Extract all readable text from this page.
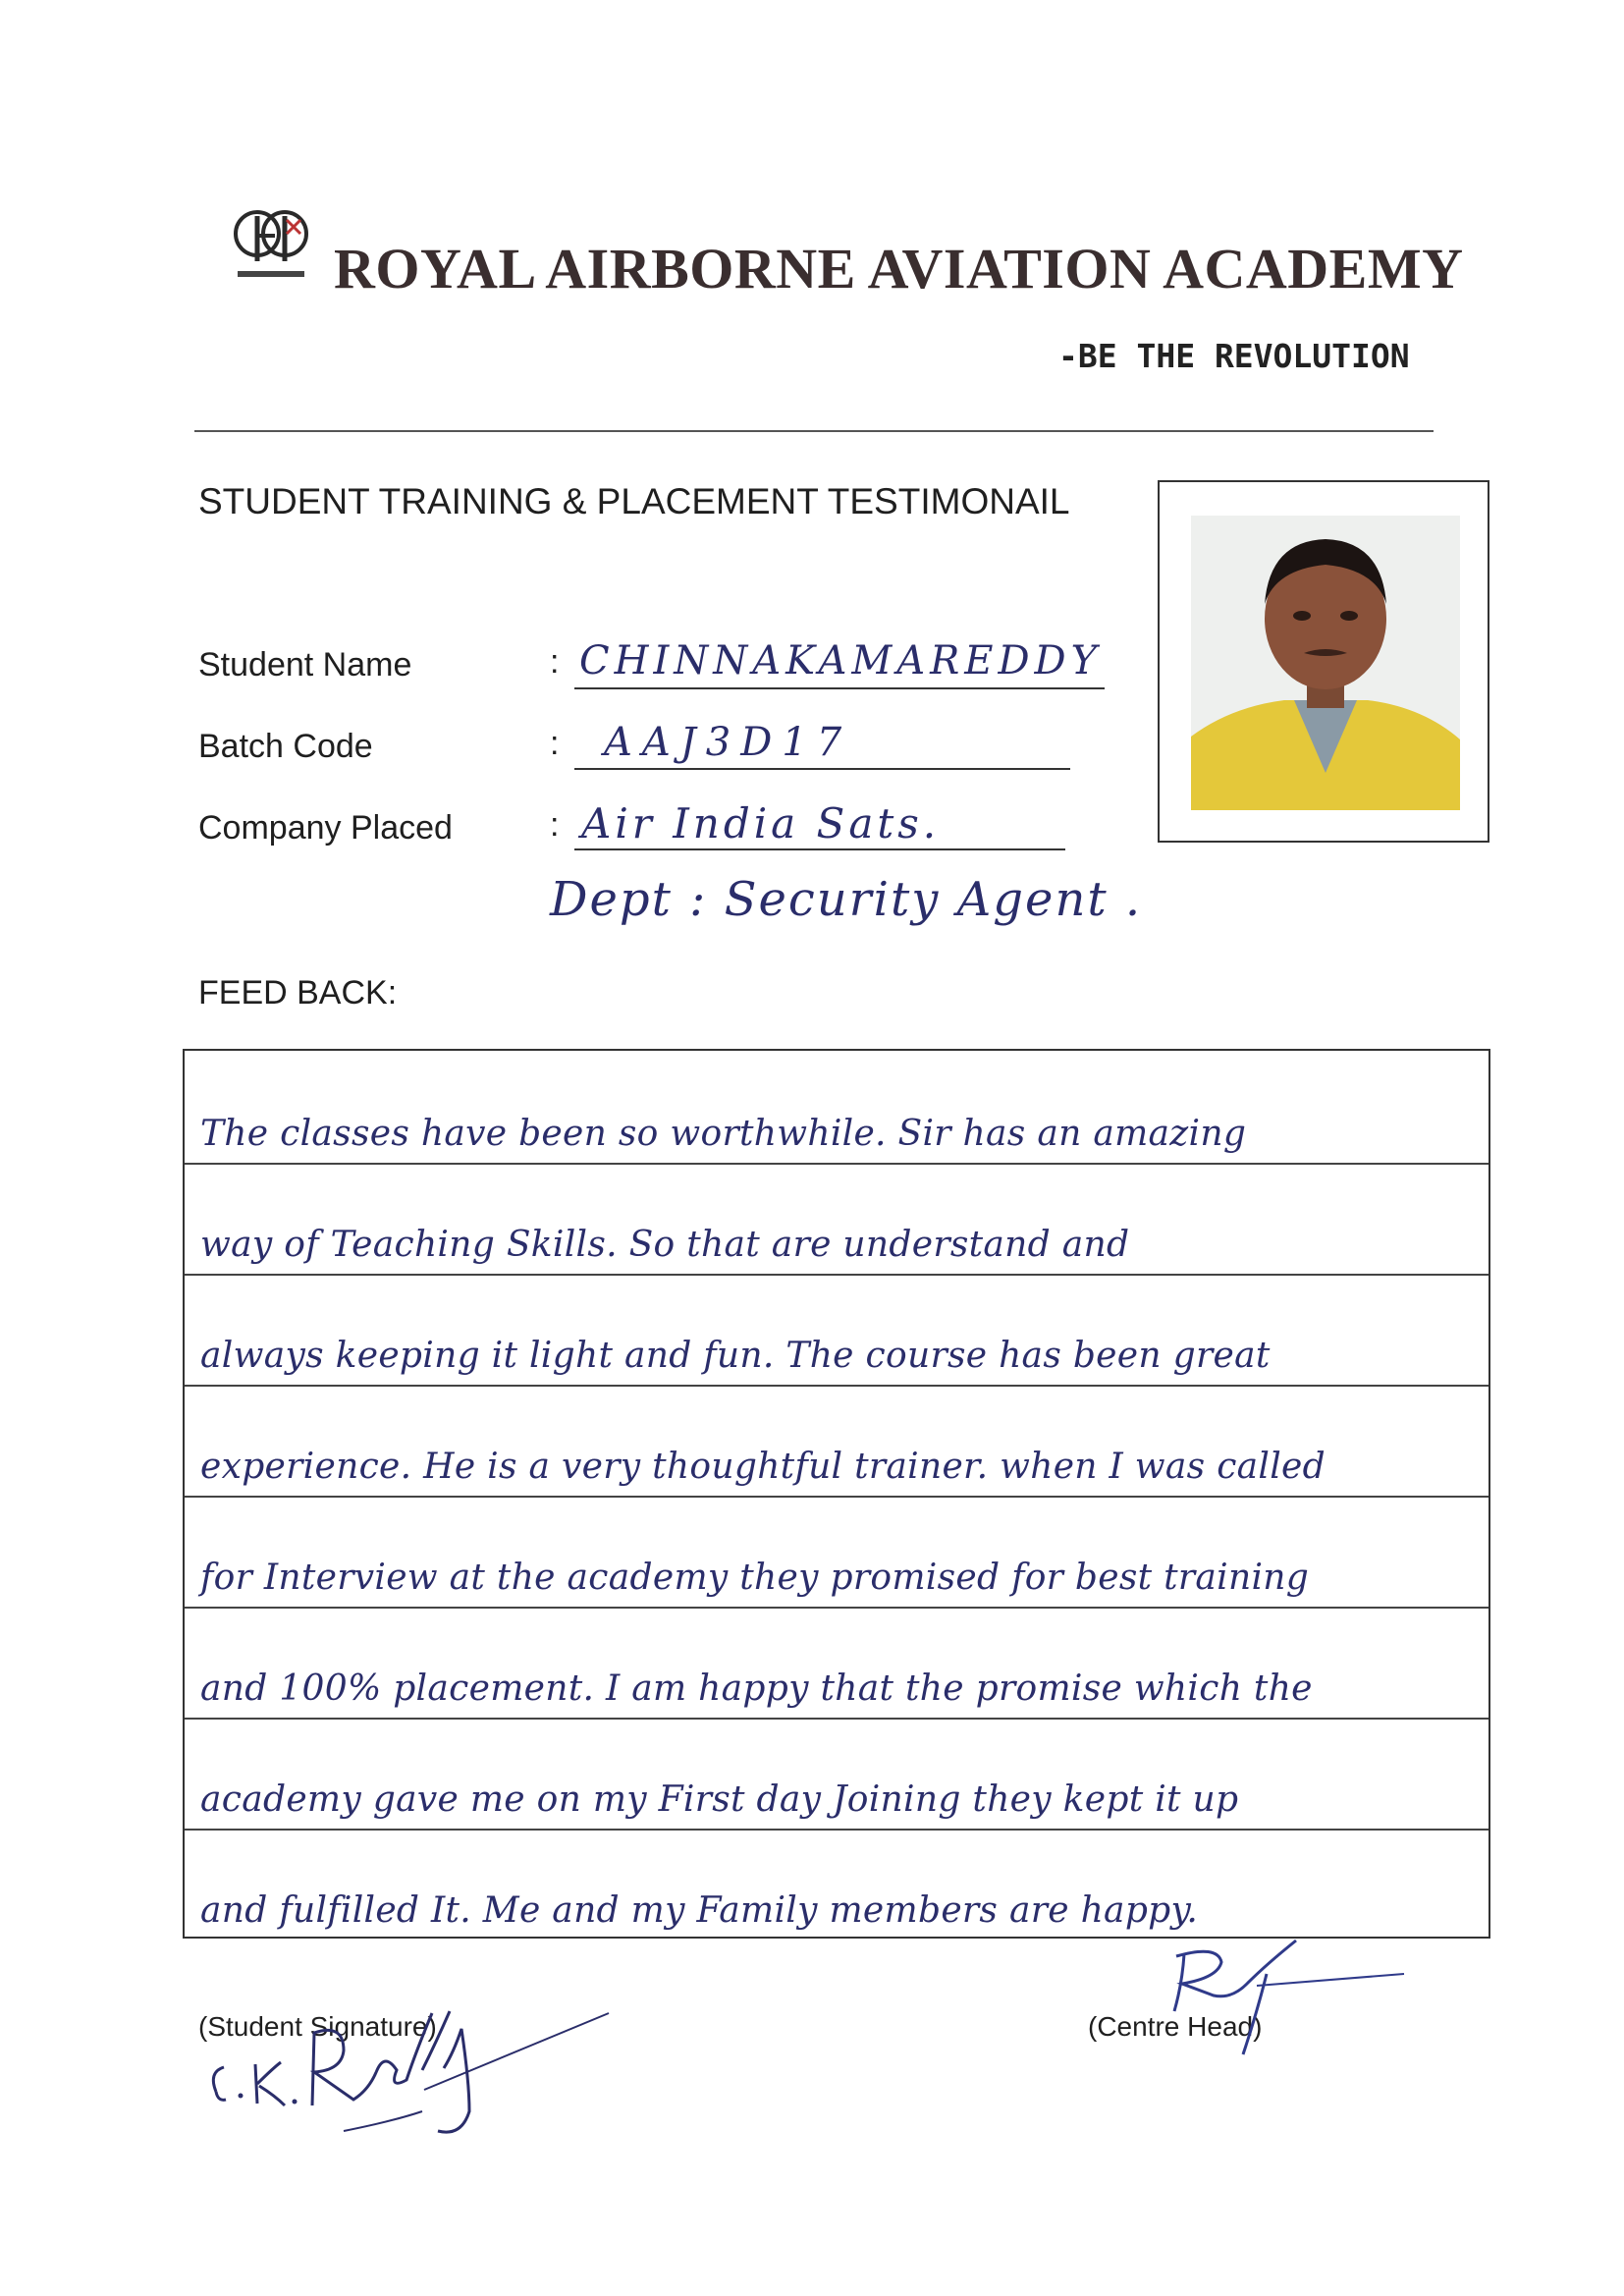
ROYAL AIRBORNE AVIATION ACADEMY
-BE THE REVOLUTION
STUDENT TRAINING & PLACEMENT TESTIMONAIL
Student Name	: CHINNAKAMAREDDY
Batch Code	: AAJ3D17
Company Placed	: Air India Sats.
Dept : Security Agent .
FEED BACK:
The classes have been so worthwhile. Sir has an amazing
way of Teaching Skills. So that are understand and
always keeping it light and fun. The course has been great
experience. He is a very thoughtful trainer. when I was called
for Interview at the academy they promised for best training
and 100% placement. I am happy that the promise which the
academy gave me on my First day Joining they kept it up
and fulfilled It. Me and my Family members are happy.
(Student Signature)	(Centre Head)
